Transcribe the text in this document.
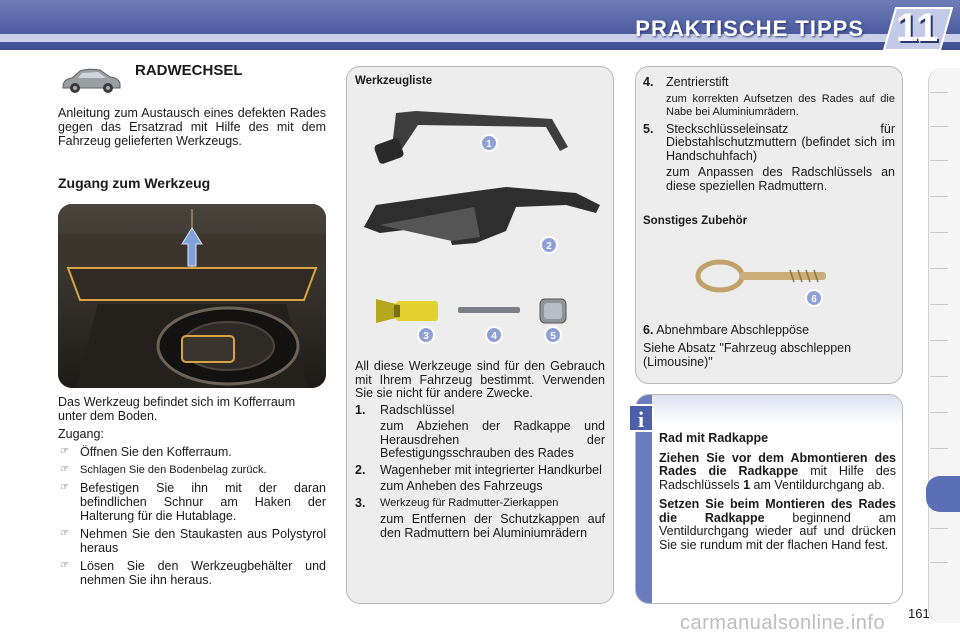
PRAKTISCHE TIPPS 11
RADWECHSEL
Anleitung zum Austausch eines defekten Rades gegen das Ersatzrad mit Hilfe des mit dem Fahrzeug gelieferten Werkzeugs.
Zugang zum Werkzeug

Das Werkzeug befindet sich im Kofferraum unter dem Boden.

Zugang:

☞ Öffnen Sie den Kofferraum.
☞	Schlagen Sie den Bodenbelag zurück.
☞ Befestigen Sie ihn mit der daran befindlichen Schnur am Haken der Halterung für die Hutablage.
☞ Nehmen Sie den Staukasten aus Polystyrol heraus
☞ Lösen Sie den Werkzeugbehälter und nehmen Sie ihn heraus.
Werkzeugliste
1
2
3	4	5

All diese Werkzeuge sind für den Gebrauch mit Ihrem Fahrzeug bestimmt. Verwenden Sie sie nicht für andere Zwecke.

1.	Radschlüssel
zum Abziehen der Radkappe und Herausdrehen der Befestigungsschrauben des Rades
2.	Wagenheber mit integrierter Handkurbel
zum Anheben des Fahrzeugs
3.	Werkzeug für Radmutter-Zierkappen
zum Entfernen der Schutzkappen auf den Radmuttern bei Aluminiumrädern
4.	Zentrierstift
zum korrekten Aufsetzen des Rades auf die Nabe bei Aluminiumrädern.
5.	Steckschlüsseleinsatz für Diebstahlschutzmuttern (befindet sich im Handschuhfach)
zum Anpassen des Radschlüssels an diese speziellen Radmuttern.
Sonstiges Zubehör
6
6. Abnehmbare Abschleppöse
Siehe Absatz "Fahrzeug abschleppen (Limousine)"
i

Rad mit Radkappe

Ziehen Sie vor dem Abmontieren des Rades die Radkappe mit Hilfe des Radschlüssels 1 am Ventildurchgang ab.

Setzen Sie beim Montieren des Rades die Radkappe beginnend am Ventildurchgang wieder auf und drücken Sie sie rundum mit der flachen Hand fest.

carmanualsonline.info 161
